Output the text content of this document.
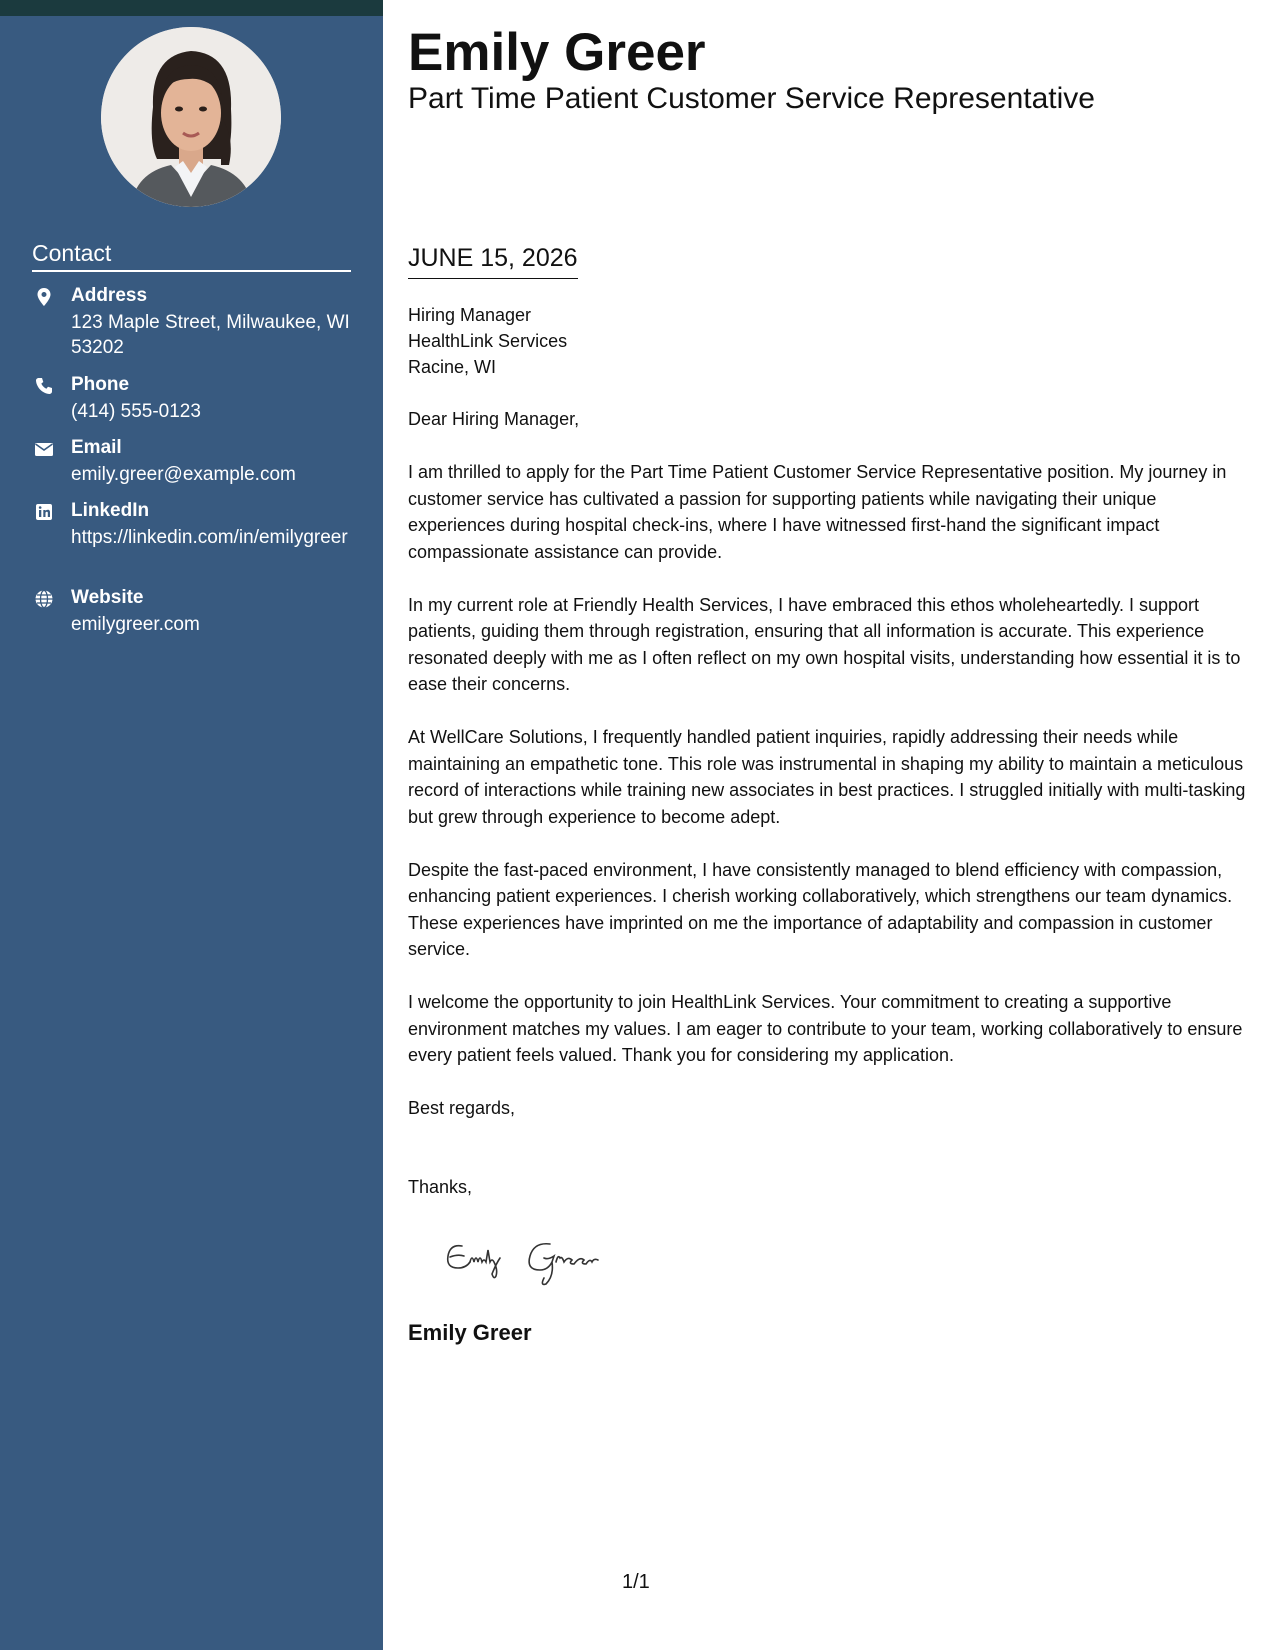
Contact
Address
123 Maple Street, Milwaukee, WI 53202
Phone
(414) 555-0123
Email
emily.greer@example.com
LinkedIn
https://linkedin.com/in/emilygreer
Website
emilygreer.com
Emily Greer
Part Time Patient Customer Service Representative
JUNE 15, 2026
Hiring Manager
HealthLink Services
Racine, WI

Dear Hiring Manager,

I am thrilled to apply for the Part Time Patient Customer Service Representative position. My journey in customer service has cultivated a passion for supporting patients while navigating their unique experiences during hospital check-ins, where I have witnessed first-hand the significant impact compassionate assistance can provide.

In my current role at Friendly Health Services, I have embraced this ethos wholeheartedly. I support patients, guiding them through registration, ensuring that all information is accurate. This experience resonated deeply with me as I often reflect on my own hospital visits, understanding how essential it is to ease their concerns.

At WellCare Solutions, I frequently handled patient inquiries, rapidly addressing their needs while maintaining an empathetic tone. This role was instrumental in shaping my ability to maintain a meticulous record of interactions while training new associates in best practices. I struggled initially with multi-tasking but grew through experience to become adept.

Despite the fast-paced environment, I have consistently managed to blend efficiency with compassion, enhancing patient experiences. I cherish working collaboratively, which strengthens our team dynamics. These experiences have imprinted on me the importance of adaptability and compassion in customer service.

I welcome the opportunity to join HealthLink Services. Your commitment to creating a supportive environment matches my values. I am eager to contribute to your team, working collaboratively to ensure every patient feels valued. Thank you for considering my application.

Best regards,

Thanks,

Emily Greer
1/1
